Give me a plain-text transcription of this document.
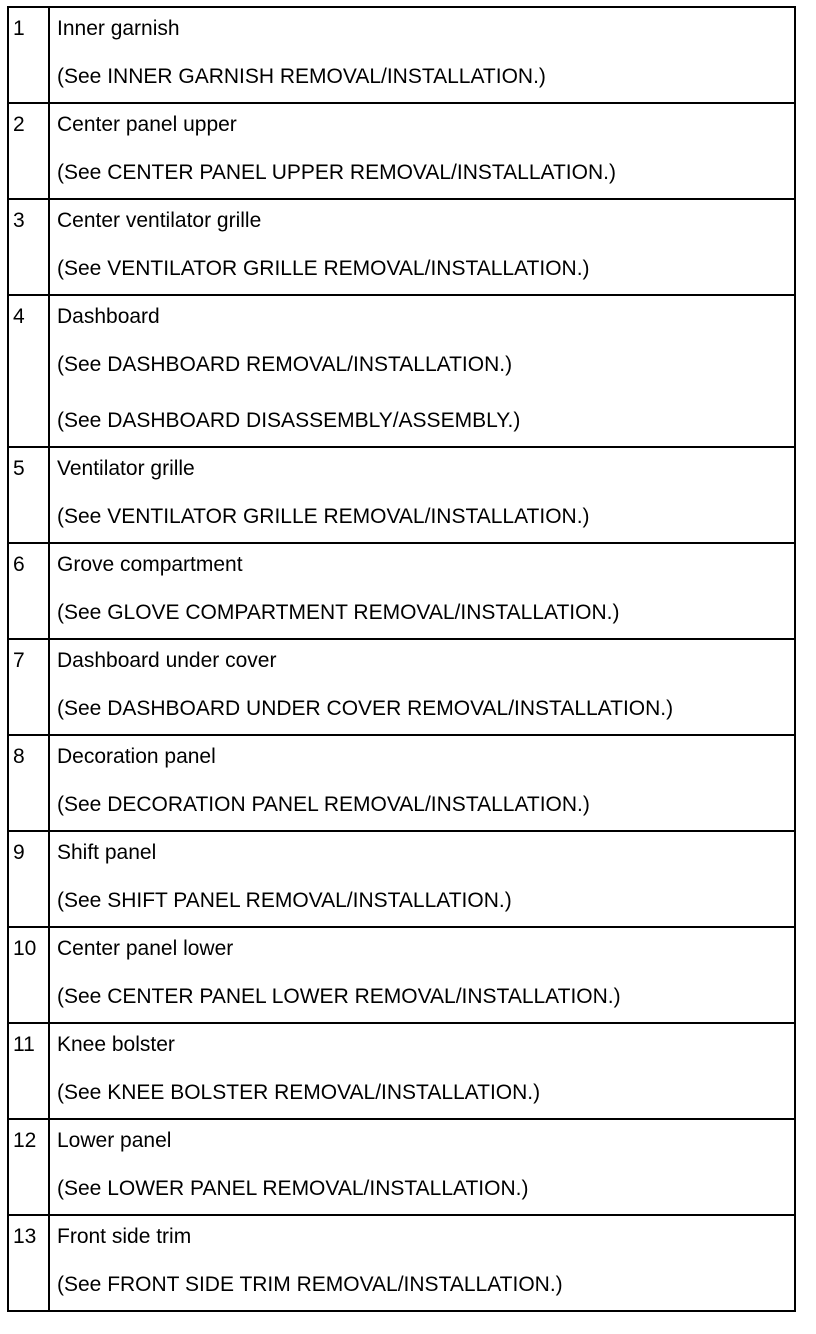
1	Inner garnish
(See INNER GARNISH REMOVAL/INSTALLATION.)

2	Center panel upper
(See CENTER PANEL UPPER REMOVAL/INSTALLATION.)

3	Center ventilator grille
(See VENTILATOR GRILLE REMOVAL/INSTALLATION.)

4	Dashboard
(See DASHBOARD REMOVAL/INSTALLATION.)
(See DASHBOARD DISASSEMBLY/ASSEMBLY.)

5	Ventilator grille
(See VENTILATOR GRILLE REMOVAL/INSTALLATION.)

6	Grove compartment
(See GLOVE COMPARTMENT REMOVAL/INSTALLATION.)

7	Dashboard under cover
(See DASHBOARD UNDER COVER REMOVAL/INSTALLATION.)

8	Decoration panel
(See DECORATION PANEL REMOVAL/INSTALLATION.)

9	Shift panel
(See SHIFT PANEL REMOVAL/INSTALLATION.)

10	Center panel lower
(See CENTER PANEL LOWER REMOVAL/INSTALLATION.)

11	Knee bolster
(See KNEE BOLSTER REMOVAL/INSTALLATION.)

12	Lower panel
(See LOWER PANEL REMOVAL/INSTALLATION.)

13	Front side trim
(See FRONT SIDE TRIM REMOVAL/INSTALLATION.)
